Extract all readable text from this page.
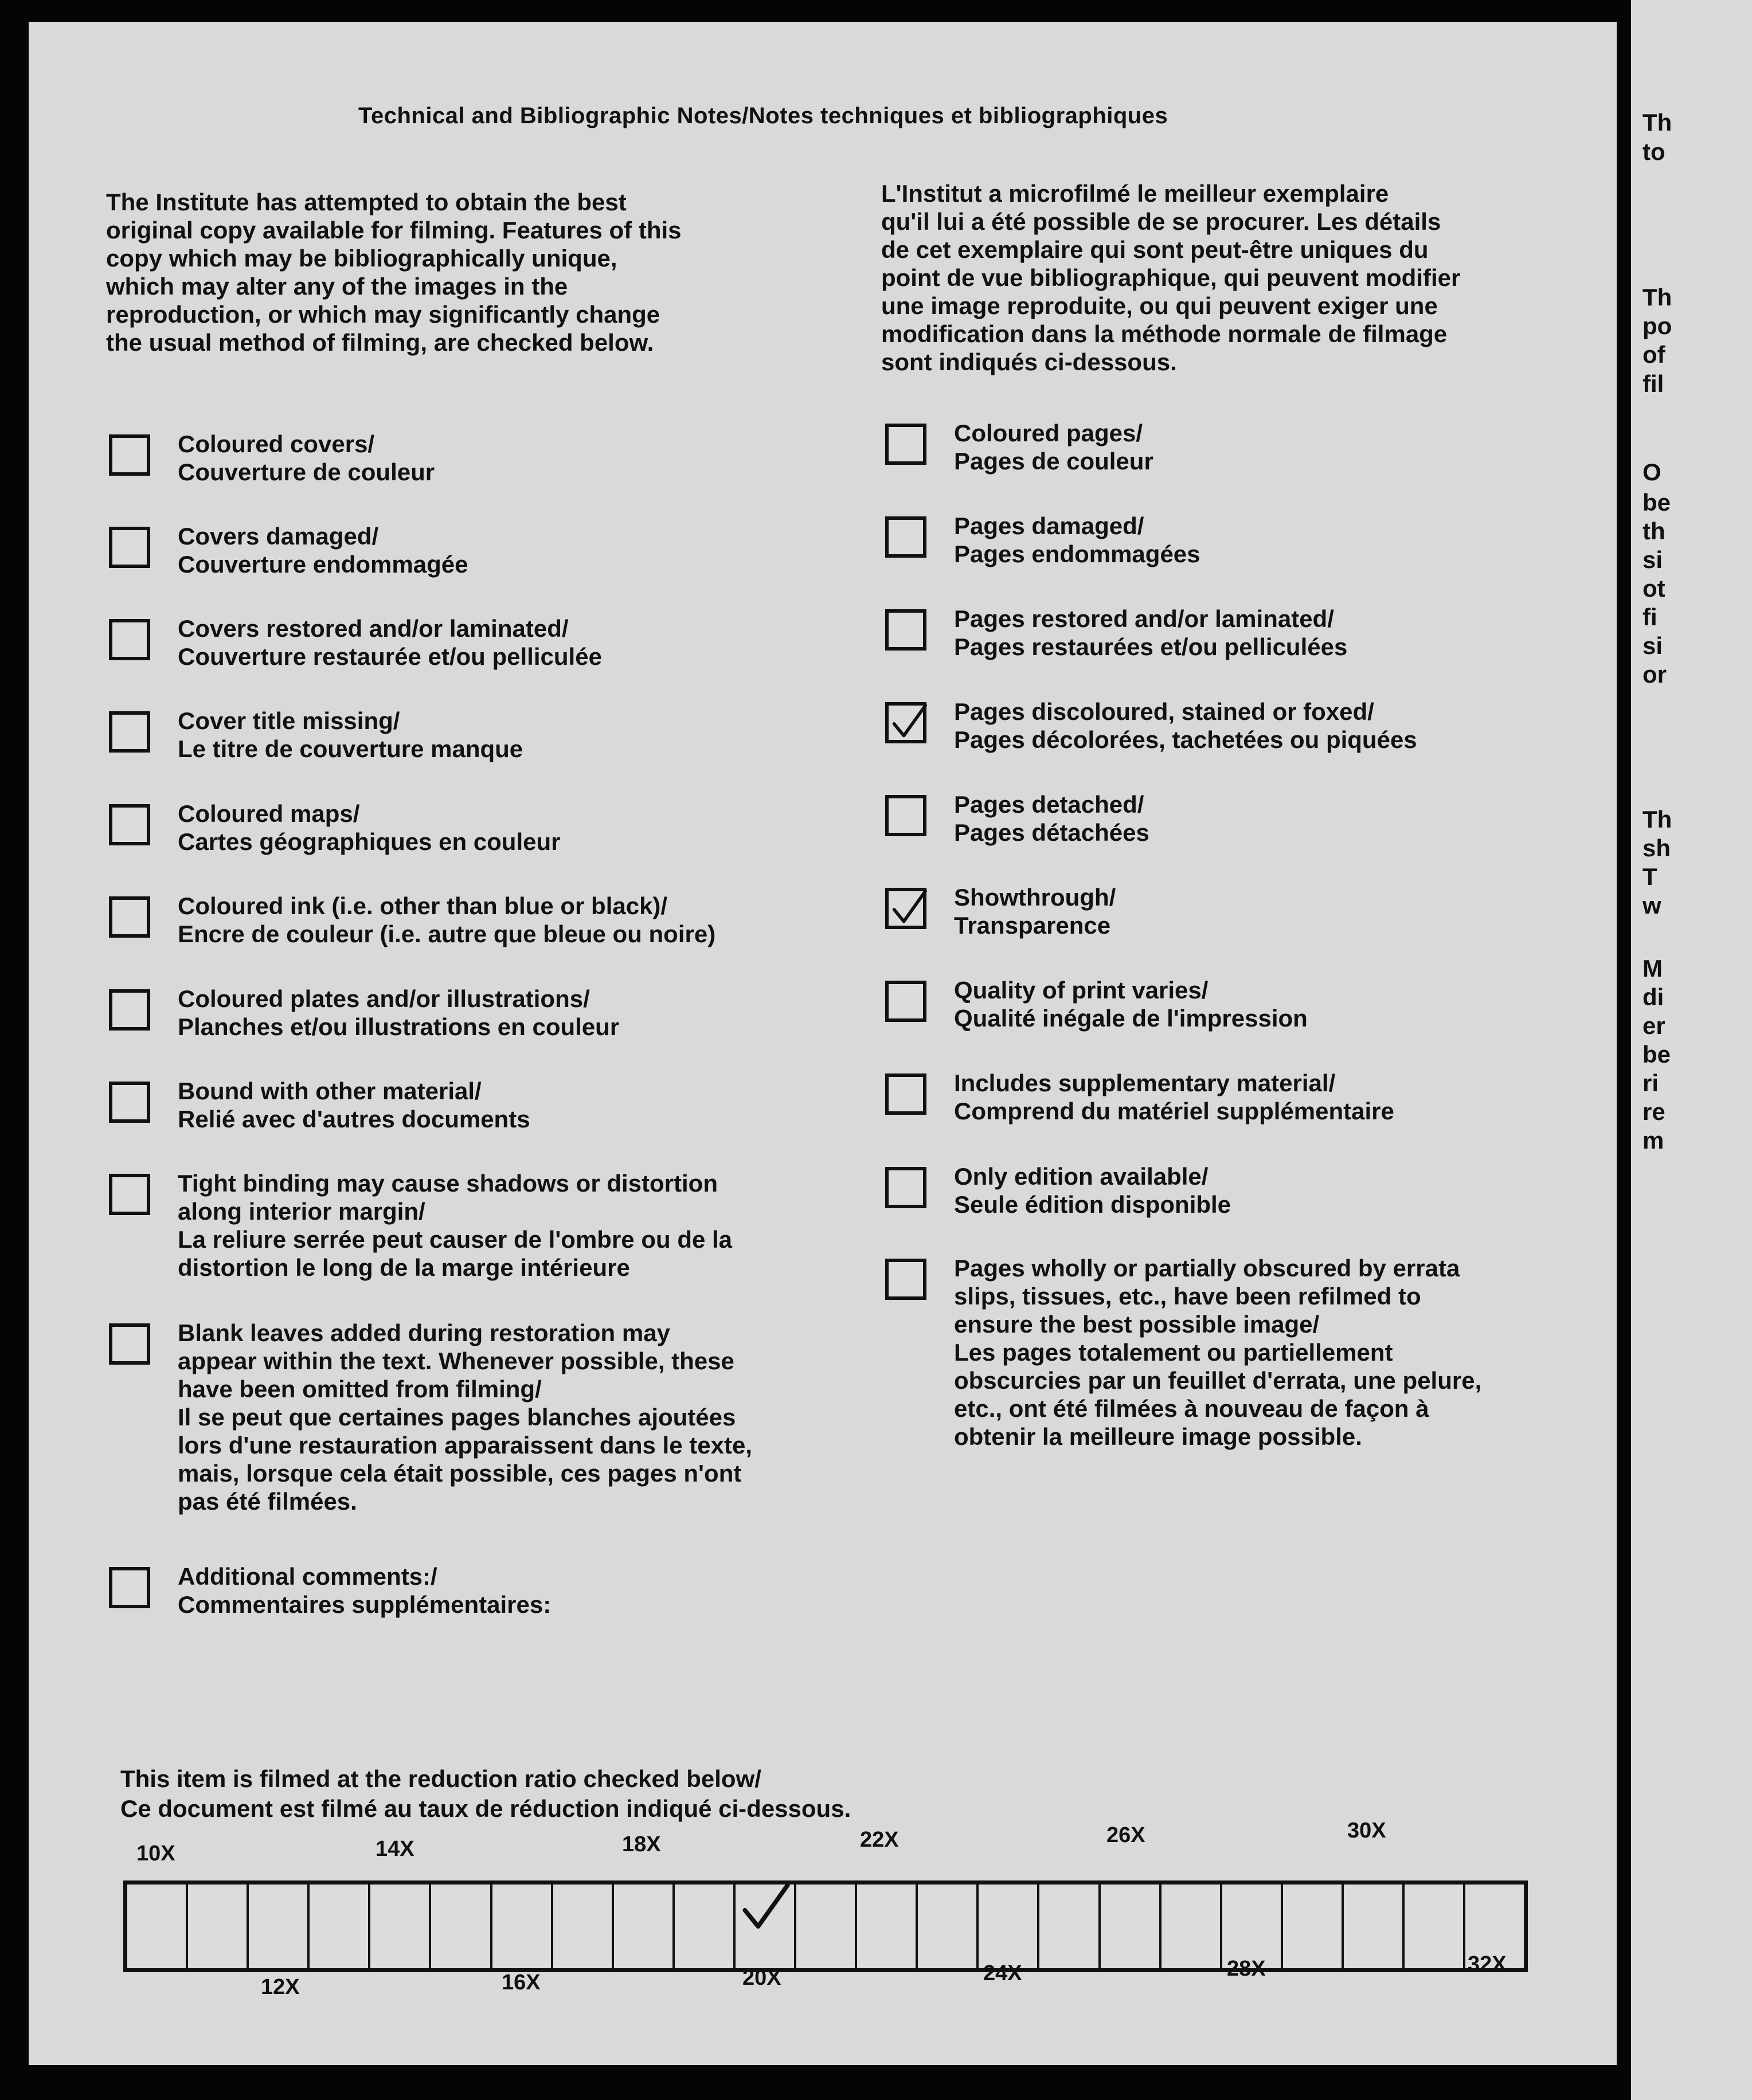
Technical and Bibliographic Notes/Notes techniques et bibliographiques
The Institute has attempted to obtain the best
original copy available for filming. Features of this
copy which may be bibliographically unique,
which may alter any of the images in the
reproduction, or which may significantly change
the usual method of filming, are checked below.
L'Institut a microfilmé le meilleur exemplaire
qu'il lui a été possible de se procurer. Les détails
de cet exemplaire qui sont peut-être uniques du
point de vue bibliographique, qui peuvent modifier
une image reproduite, ou qui peuvent exiger une
modification dans la méthode normale de filmage
sont indiqués ci-dessous.
Coloured covers/
Couverture de couleur
Covers damaged/
Couverture endommagée
Covers restored and/or laminated/
Couverture restaurée et/ou pelliculée
Cover title missing/
Le titre de couverture manque
Coloured maps/
Cartes géographiques en couleur
Coloured ink (i.e. other than blue or black)/
Encre de couleur (i.e. autre que bleue ou noire)
Coloured plates and/or illustrations/
Planches et/ou illustrations en couleur
Bound with other material/
Relié avec d'autres documents
Tight binding may cause shadows or distortion
along interior margin/
La reliure serrée peut causer de l'ombre ou de la
distortion le long de la marge intérieure
Blank leaves added during restoration may
appear within the text. Whenever possible, these
have been omitted from filming/
Il se peut que certaines pages blanches ajoutées
lors d'une restauration apparaissent dans le texte,
mais, lorsque cela était possible, ces pages n'ont
pas été filmées.
Additional comments:/
Commentaires supplémentaires:
Coloured pages/
Pages de couleur
Pages damaged/
Pages endommagées
Pages restored and/or laminated/
Pages restaurées et/ou pelliculées
Pages discoloured, stained or foxed/
Pages décolorées, tachetées ou piquées
Pages detached/
Pages détachées
Showthrough/
Transparence
Quality of print varies/
Qualité inégale de l'impression
Includes supplementary material/
Comprend du matériel supplémentaire
Only edition available/
Seule édition disponible
Pages wholly or partially obscured by errata
slips, tissues, etc., have been refilmed to
ensure the best possible image/
Les pages totalement ou partiellement
obscurcies par un feuillet d'errata, une pelure,
etc., ont été filmées à nouveau de façon à
obtenir la meilleure image possible.
This item is filmed at the reduction ratio checked below/
Ce document est filmé au taux de réduction indiqué ci-dessous.
10X	14X	18X	22X	26X	30X
12X	16X	20X	24X	28X	32X
Th
to
Th
po
of
fil
O
be
th
si
ot
fi
si
or
Th
sh
T
w
M
di
er
be
ri
re
m
